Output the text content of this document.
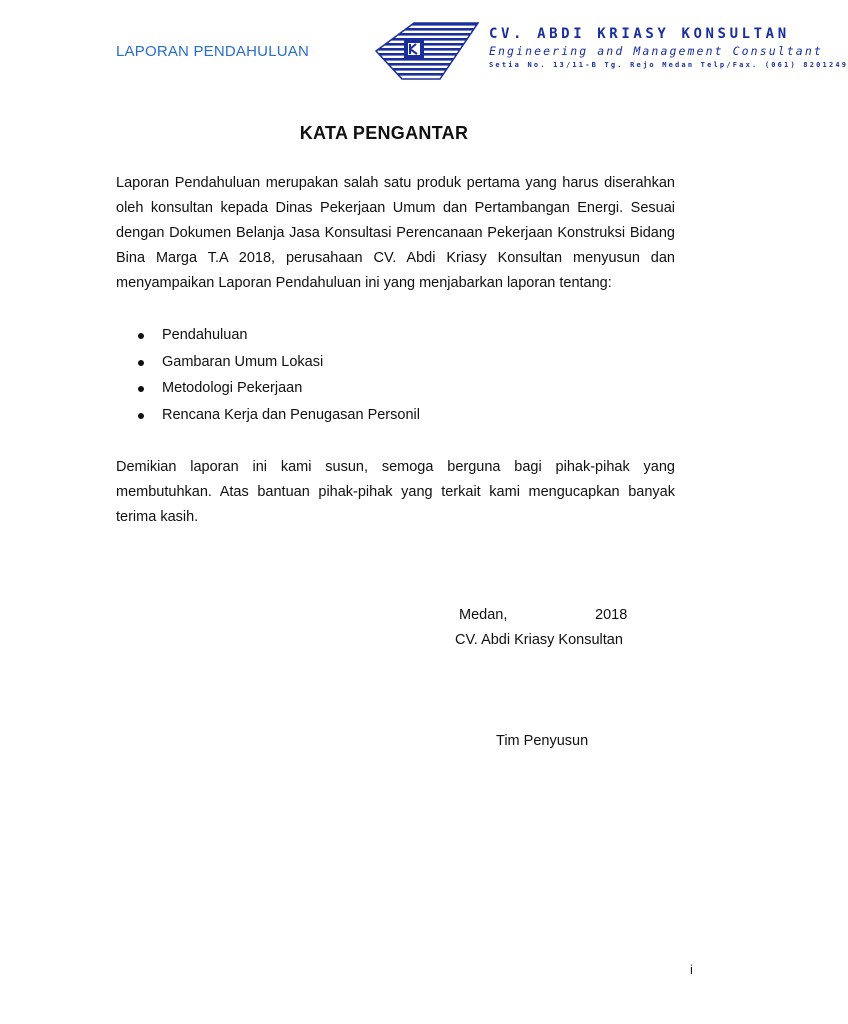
LAPORAN PENDAHULUAN
CV. ABDI KRIASY KONSULTAN
Engineering and Management Consultant
Setia No. 13/11-B Tg. Rejo Medan Telp/Fax. (061) 8201249
KATA PENGANTAR
Laporan Pendahuluan merupakan salah satu produk pertama yang harus diserahkan oleh konsultan kepada Dinas Pekerjaan Umum dan Pertambangan Energi. Sesuai dengan Dokumen Belanja Jasa Konsultasi Perencanaan Pekerjaan Konstruksi Bidang Bina Marga T.A 2018, perusahaan CV. Abdi Kriasy Konsultan menyusun dan menyampaikan Laporan Pendahuluan ini yang menjabarkan laporan tentang:
Pendahuluan
Gambaran Umum Lokasi
Metodologi Pekerjaan
Rencana Kerja dan Penugasan Personil
Demikian laporan ini kami susun, semoga berguna bagi pihak-pihak yang membutuhkan. Atas bantuan pihak-pihak yang terkait kami mengucapkan banyak terima kasih.
Medan,	2018
CV. Abdi Kriasy Konsultan
Tim Penyusun
i
